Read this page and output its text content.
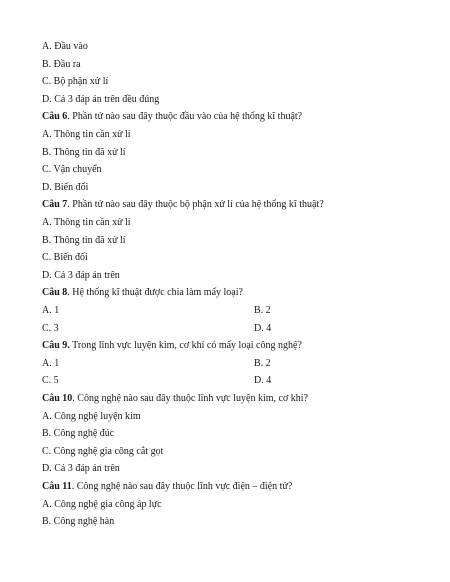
A. Đầu vào
B. Đầu ra
C. Bộ phận xử lí
D. Cả 3 đáp án trên đều đúng
Câu 6. Phần tử nào sau đây thuộc đầu vào của hệ thống kĩ thuật?
A. Thông tin cần xử lí
B. Thông tin đã xử lí
C. Vận chuyển
D. Biến đổi
Câu 7. Phần tử nào sau đây thuộc bộ phận xử lí của hệ thống kĩ thuật?
A. Thông tin cần xử lí
B. Thông tin đã xử lí
C. Biến đổi
D. Cả 3 đáp án trên
Câu 8. Hệ thống kĩ thuật được chia làm mấy loại?
A. 1	B. 2
C. 3	D. 4
Câu 9. Trong lĩnh vực luyện kim, cơ khí có mấy loại công nghệ?
A. 1	B. 2
C. 5	D. 4
Câu 10. Công nghệ nào sau đây thuộc lĩnh vực luyện kim, cơ khí?
A. Công nghệ luyện kim
B. Công nghệ đúc
C. Công nghệ gia công cắt gọt
D. Cả 3 đáp án trên
Câu 11. Công nghệ nào sau đây thuộc lĩnh vực điện – điện tử?
A. Công nghệ gia công áp lực
B. Công nghệ hàn
